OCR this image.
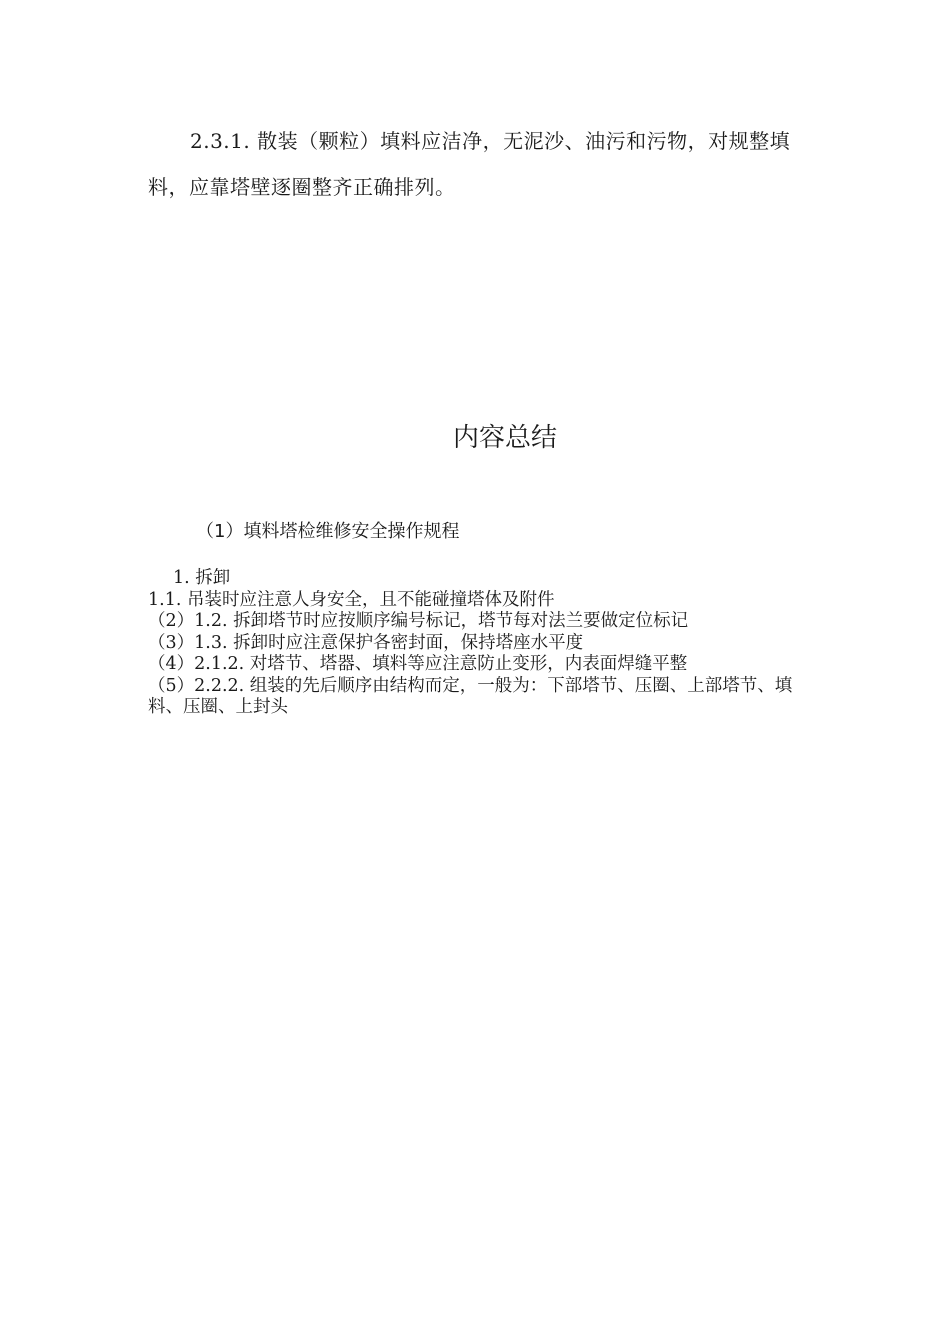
2.3.1. 散装（颗粒）填料应洁净，无泥沙、油污和污物，对规整填料，应靠塔壁逐圈整齐正确排列。

内容总结
（1）填料塔检维修安全操作规程
1. 拆卸
1.1. 吊装时应注意人身安全，且不能碰撞塔体及附件
（2）1.2. 拆卸塔节时应按顺序编号标记，塔节每对法兰要做定位标记
（3）1.3. 拆卸时应注意保护各密封面，保持塔座水平度
（4）2.1.2. 对塔节、塔器、填料等应注意防止变形，内表面焊缝平整
（5）2.2.2. 组装的先后顺序由结构而定，一般为：下部塔节、压圈、上部塔节、填料、压圈、上封头
